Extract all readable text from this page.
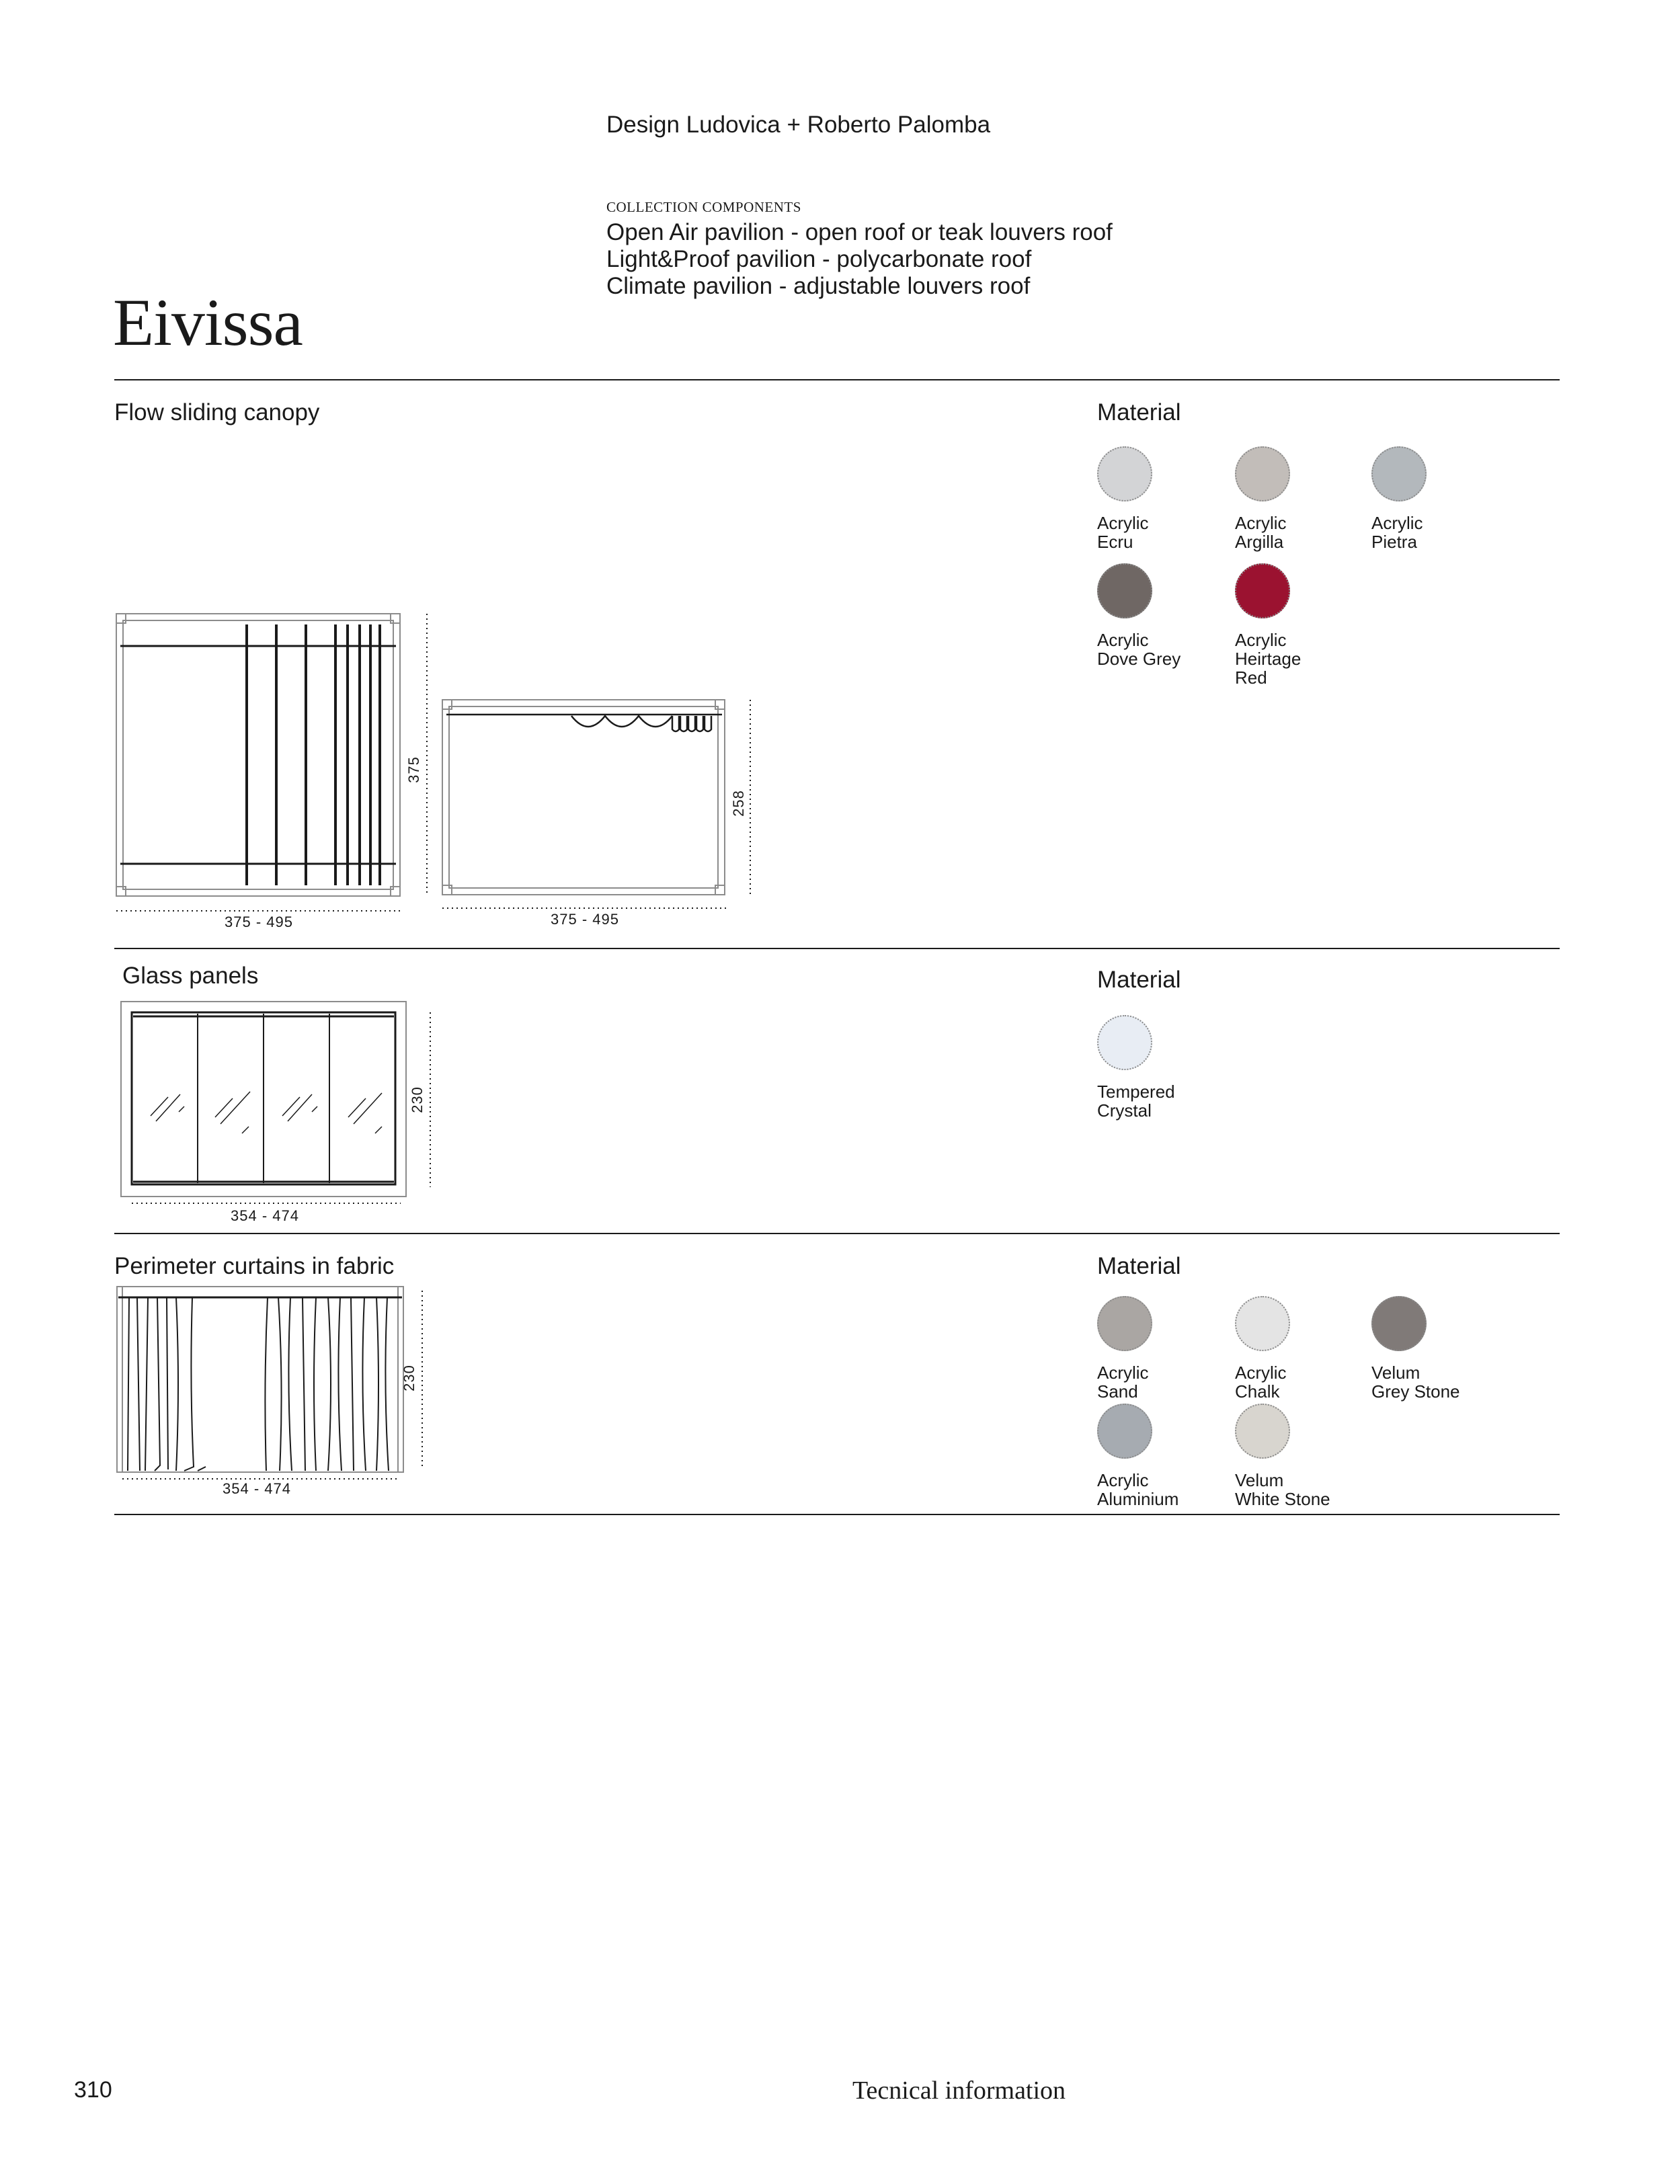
Design Ludovica + Roberto Palomba
COLLECTION COMPONENTS
Open Air pavilion - open roof or teak louvers roof
Light&Proof pavilion - polycarbonate roof
Climate pavilion - adjustable louvers roof
Eivissa
Flow sliding canopy	Material
Acrylic
Ecru
Acrylic
Argilla
Acrylic
Pietra
Acrylic
Dove Grey
Acrylic
Heirtage
Red
375
375 - 495
258
375 - 495
Glass panels	Material
Tempered
Crystal
230
354 - 474
Perimeter curtains in fabric	Material
Acrylic
Sand
Acrylic
Chalk
Velum
Grey Stone
Acrylic
Aluminium
Velum
White Stone
230
354 - 474
310	Tecnical information
